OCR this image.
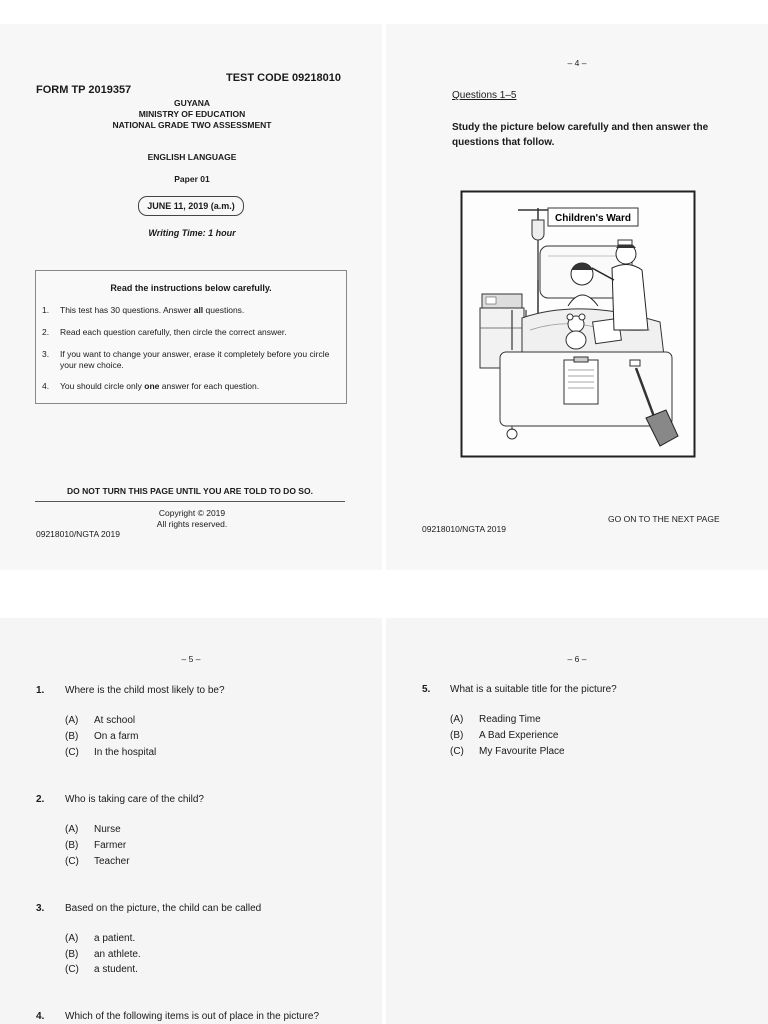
FORM TP 2019357
TEST CODE 09218010
GUYANA
MINISTRY OF EDUCATION
NATIONAL GRADE TWO ASSESSMENT
ENGLISH LANGUAGE
Paper 01
JUNE 11, 2019 (a.m.)
Writing Time: 1 hour
Read the instructions below carefully.
1. This test has 30 questions. Answer all questions.
2. Read each question carefully, then circle the correct answer.
3. If you want to change your answer, erase it completely before you circle your new choice.
4. You should circle only one answer for each question.
DO NOT TURN THIS PAGE UNTIL YOU ARE TOLD TO DO SO.
Copyright © 2019
All rights reserved.
09218010/NGTA 2019
– 4 –
Questions 1–5
Study the picture below carefully and then answer the questions that follow.
Children's Ward
09218010/NGTA 2019
GO ON TO THE NEXT PAGE
– 5 –
1. Where is the child most likely to be?
(A) At school
(B) On a farm
(C) In the hospital
2. Who is taking care of the child?
(A) Nurse
(B) Farmer
(C) Teacher
3. Based on the picture, the child can be called
(A) a patient.
(B) an athlete.
(C) a student.
4. Which of the following items is out of place in the picture?
– 6 –
5. What is a suitable title for the picture?
(A) Reading Time
(B) A Bad Experience
(C) My Favourite Place
